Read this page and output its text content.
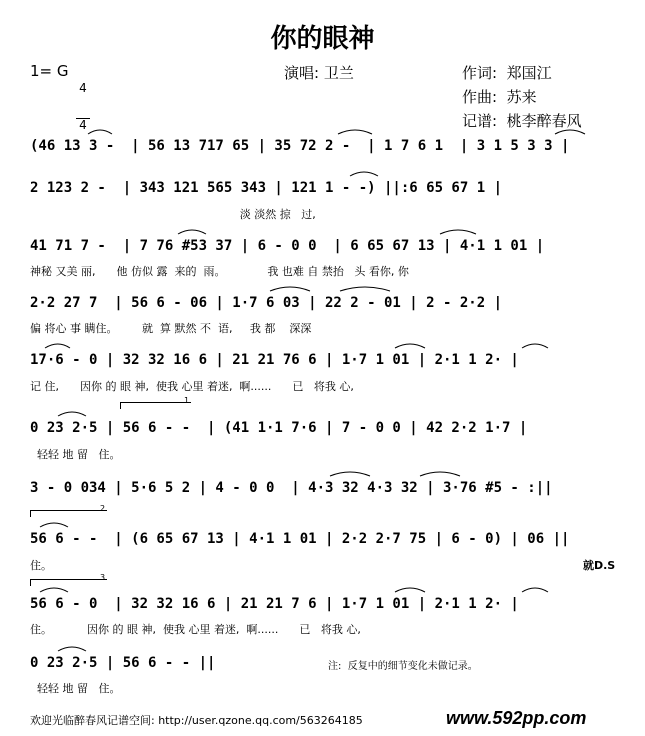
你的眼神
1= G

4

4

演唱: 卫兰	作词:  郑国江
作曲:  苏来
记谱:  桃李醉春风
(46 13 3 -  | 56 13 717 65 | 35 72 2 -  | 1 7 6 1  | 3 1 5 3 3 |
2 123 2 -  | 343 121 565 343 | 121 1 - -) ||:6 65 67 1 |
淡 淡然 掠   过,
41 71 7 -  | 7 76 #53 37 | 6 - 0 0  | 6 65 67 13 | 4·1 1 01 |
神秘 又美 丽,      他 仿似 露  来的  雨。            我 也难 自 禁抬   头 看你, 你
2·2 27 7  | 56 6 - 06 | 1·7 6 03 | 22 2 - 01 | 2 - 2·2 |
偏 将心 事 瞒住。       就  算 默然 不  语,     我 都    深深
17·6 - 0 | 32 32 16 6 | 21 21 76 6 | 1·7 1 01 | 2·1 1 2· |
记 住,      因你 的 眼 神,  使我 心里 着迷,  啊......      已   将我 心,
1
0 23 2·5 | 56 6 - -  | (41 1·1 7·6 | 7 - 0 0 | 42 2·2 1·7 |
轻轻 地 留   住。
3 - 0 034 | 5·6 5 2 | 4 - 0 0  | 4·3 32 4·3 32 | 3·76 #5 - :||
2
56 6 - -  | (6 65 67 13 | 4·1 1 01 | 2·2 2·7 75 | 6 - 0) | 06 ||
住。	就D.S
3
56 6 - 0  | 32 32 16 6 | 21 21 7 6 | 1·7 1 01 | 2·1 1 2· |
住。          因你 的 眼 神,  使我 心里 着迷,  啊......      已   将我 心,
0 23 2·5 | 56 6 - - ||
轻轻 地 留   住。
注:  反复中的细节变化未做记录。
欢迎光临醉春风记谱空间: http://user.qzone.qq.com/563264185	www.592pp.com
